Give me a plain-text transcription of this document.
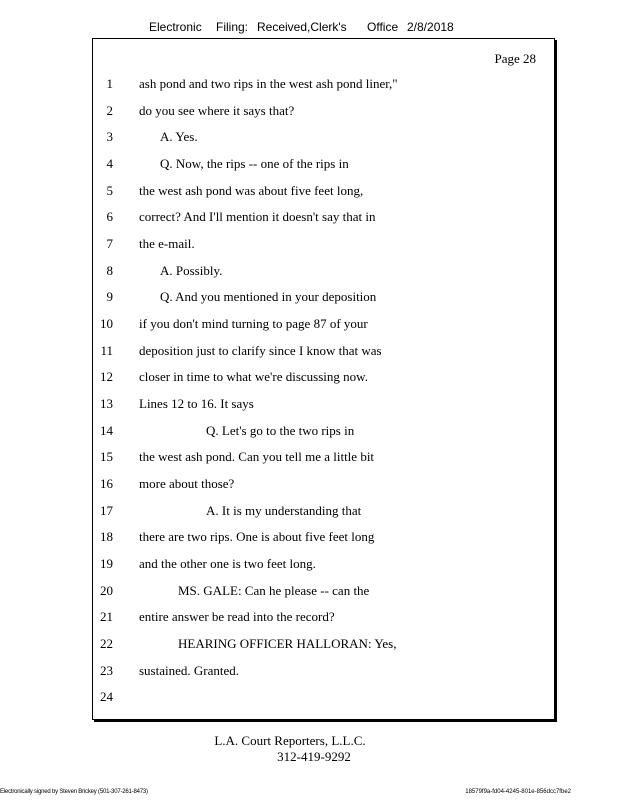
Electronic Filing: Received,Clerk's Office 2/8/2018
Page 28
1 ash pond and two rips in the west ash pond liner,"
2 do you see where it says that?
3	A. Yes.
4	Q. Now, the rips -- one of the rips in
5 the west ash pond was about five feet long,
6 correct? And I'll mention it doesn't say that in
7 the e-mail.
8	A. Possibly.
9	Q. And you mentioned in your deposition
10 if you don't mind turning to page 87 of your
11 deposition just to clarify since I know that was
12 closer in time to what we're discussing now.
13 Lines 12 to 16. It says
14	Q. Let's go to the two rips in
15 the west ash pond. Can you tell me a little bit
16 more about those?
17	A. It is my understanding that
18 there are two rips. One is about five feet long
19 and the other one is two feet long.
20	MS. GALE: Can he please -- can the
21 entire answer be read into the record?
22	HEARING OFFICER HALLORAN: Yes,
23 sustained. Granted.
24
L.A. Court Reporters, L.L.C.
312-419-9292
Electronically signed by Steven Brickey (501-307-261-8473)	18579f9a-fd04-4245-801e-856dcc7fbe2
